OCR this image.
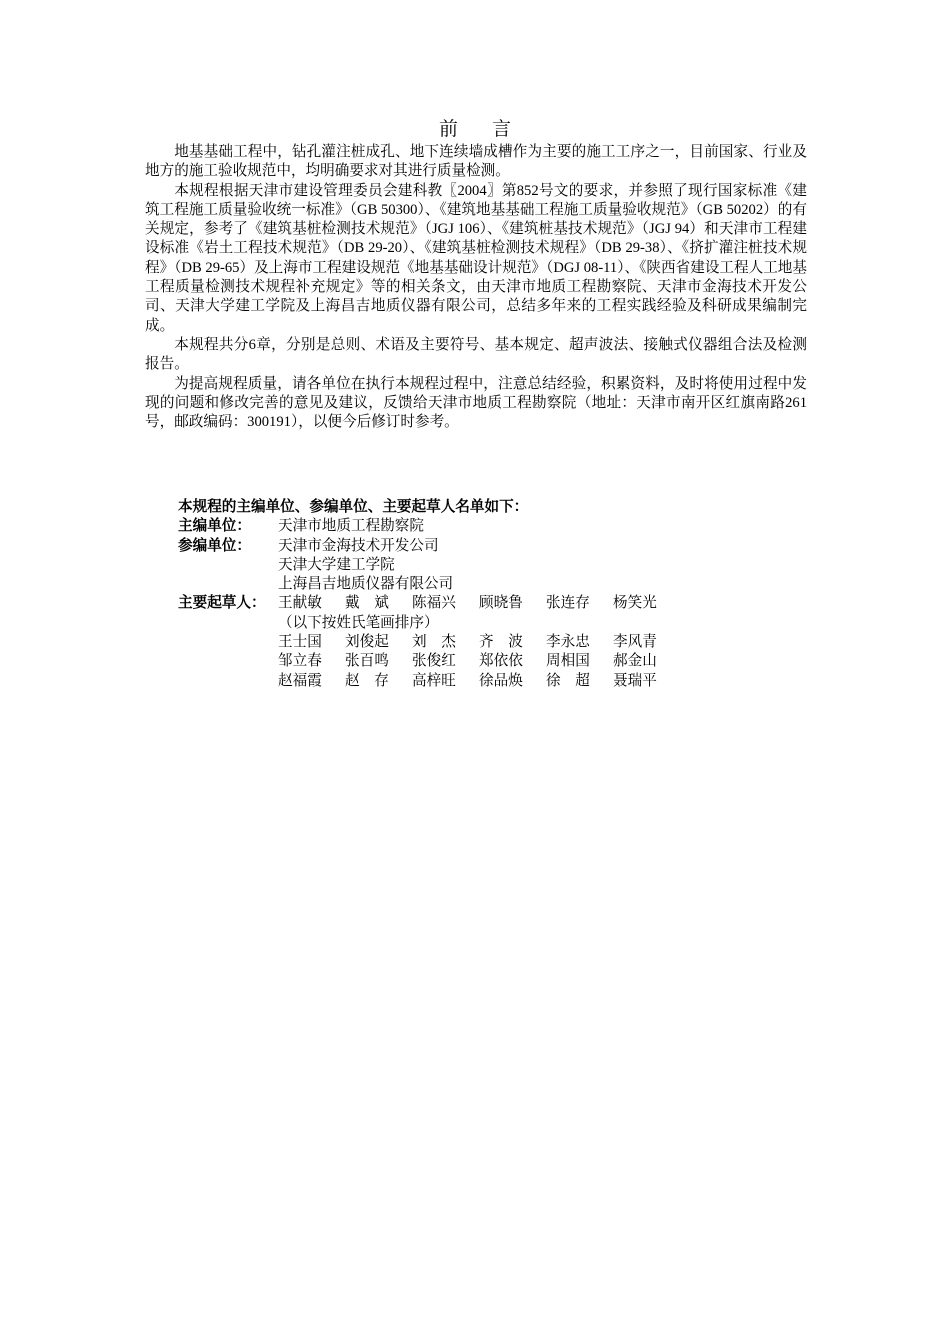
前 言

地基基础工程中，钻孔灌注桩成孔、地下连续墙成槽作为主要的施工工序之一，目前国家、行业及地方的施工验收规范中，均明确要求对其进行质量检测。

本规程根据天津市建设管理委员会建科教〖2004〗第852号文的要求，并参照了现行国家标准《建筑工程施工质量验收统一标准》（GB 50300）、《建筑地基基础工程施工质量验收规范》（GB 50202）的有关规定，参考了《建筑基桩检测技术规范》（JGJ 106）、《建筑桩基技术规范》（JGJ 94）和天津市工程建设标准《岩土工程技术规范》（DB 29-20）、《建筑基桩检测技术规程》（DB 29-38）、《挤扩灌注桩技术规程》（DB 29-65）及上海市工程建设规范《地基基础设计规范》（DGJ 08-11）、《陕西省建设工程人工地基工程质量检测技术规程补充规定》等的相关条文，由天津市地质工程勘察院、天津市金海技术开发公司、天津大学建工学院及上海昌吉地质仪器有限公司，总结多年来的工程实践经验及科研成果编制完成。

本规程共分6章，分别是总则、术语及主要符号、基本规定、超声波法、接触式仪器组合法及检测报告。

为提高规程质量，请各单位在执行本规程过程中，注意总结经验，积累资料，及时将使用过程中发现的问题和修改完善的意见及建议，反馈给天津市地质工程勘察院（地址：天津市南开区红旗南路261号，邮政编码：300191），以便今后修订时参考。

本规程的主编单位、参编单位、主要起草人名单如下：
主编单位：	天津市地质工程勘察院
参编单位：	天津市金海技术开发公司
天津大学建工学院
上海昌吉地质仪器有限公司
主要起草人： 王献敏	戴　斌	陈福兴	顾晓鲁	张连存	杨笑光
（以下按姓氏笔画排序）
王士国	刘俊起	刘　杰	齐　波	李永忠	李风青
邹立春	张百鸣	张俊红	郑依依	周相国	郝金山
赵福霞	赵　存	高梓旺	徐品焕	徐　超	聂瑞平
